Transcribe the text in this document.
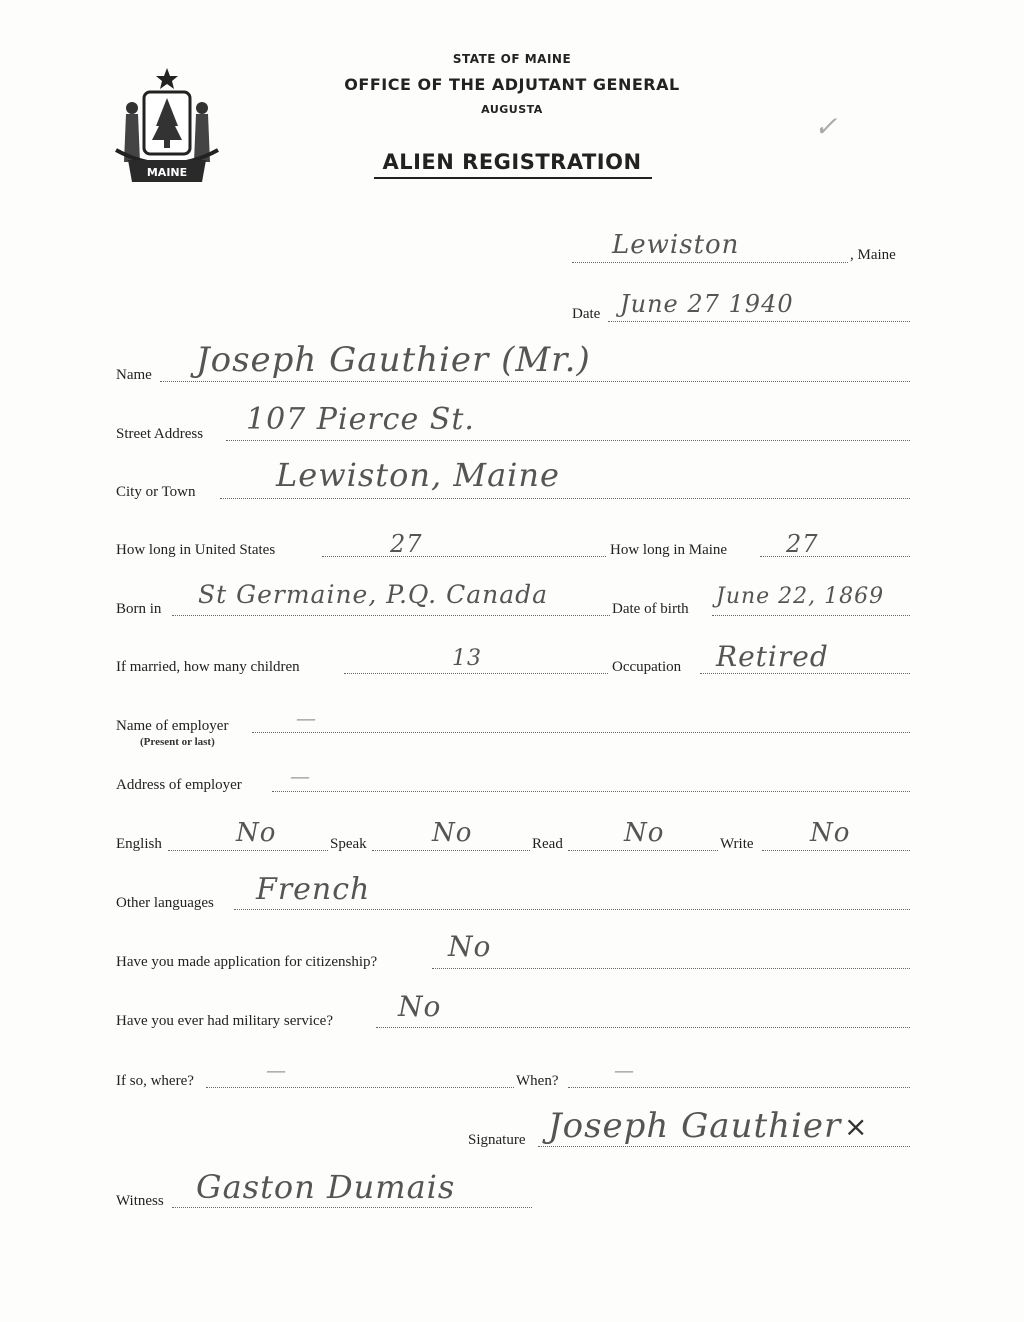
MAINE
STATE OF MAINE
OFFICE OF THE ADJUTANT GENERAL
AUGUSTA
ALIEN REGISTRATION
✓
Lewiston	, Maine
Date June 27 1940
Name Joseph Gauthier (Mr.)
Street Address 107 Pierce St.
City or Town	Lewiston, Maine
How long in United States	27	How long in Maine 27
Born in St Germaine, P.Q. Canada	Date of birth June 22, 1869
If married, how many children	13	Occupation Retired
Name of employer
(Present or last)
—
Address of employer —
English	No	Speak	No	Read No	Write No
Other languages French
Have you made application for citizenship?	No
Have you ever had military service? No
If so, where?	—	When?	—
Signature Joseph Gauthier ×
Witness Gaston Dumais
